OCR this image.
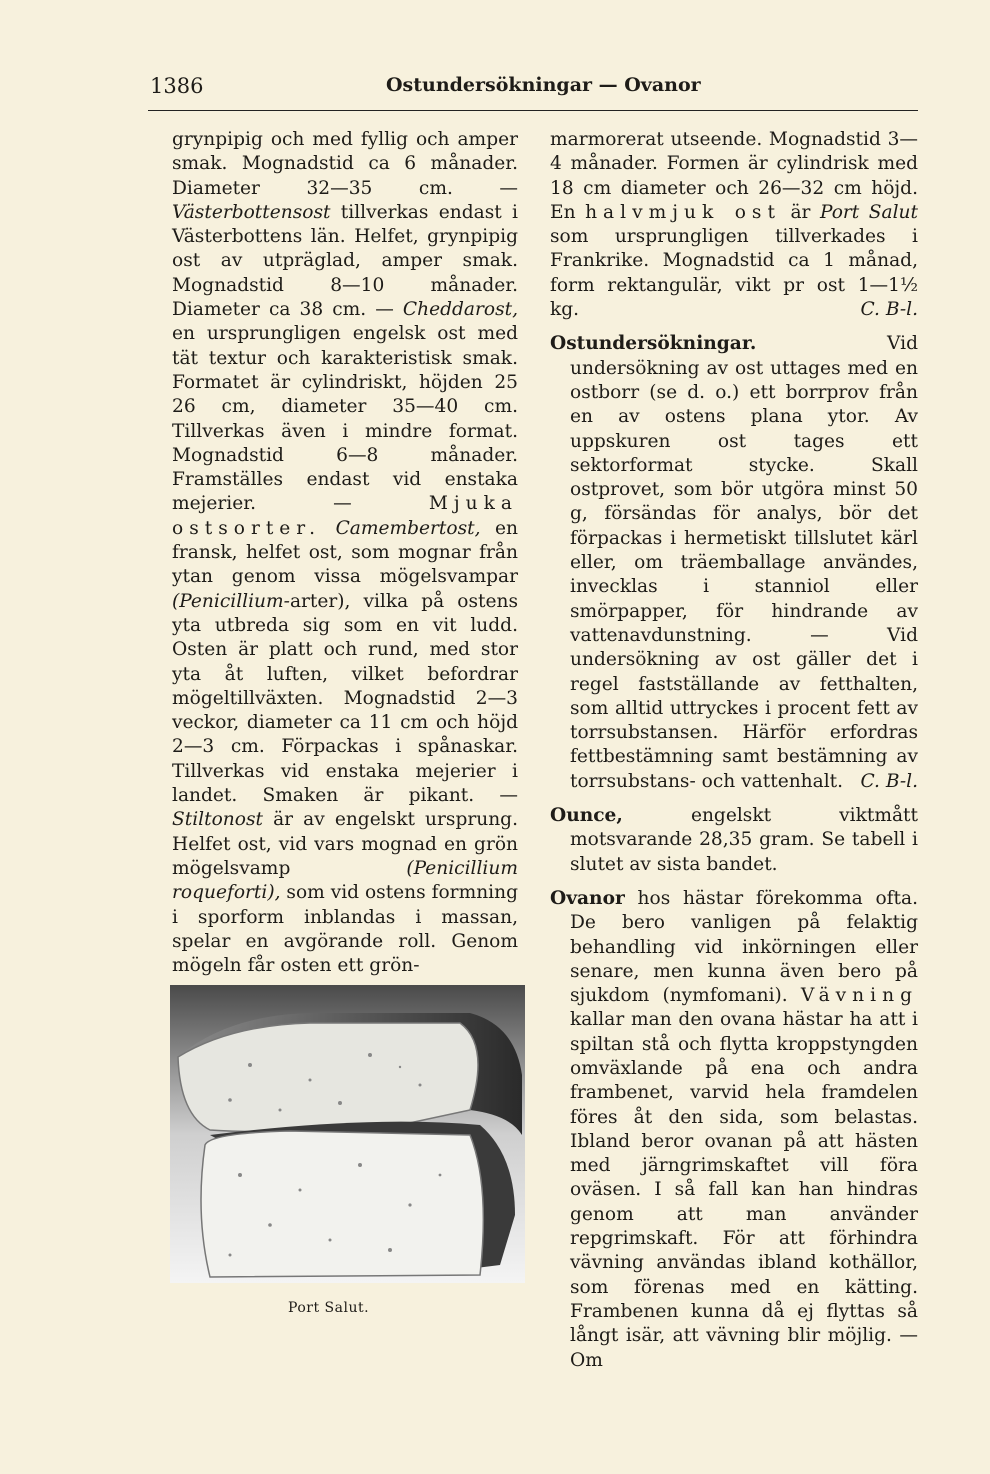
1386	Ostundersökningar — Ovanor

grynpipig och med fyllig och amper smak. Mognadstid ca 6 månader. Diameter 32—35 cm. — Västerbottensost tillverkas endast i Västerbottens län. Helfet, grynpipig ost av utpräglad, amper smak. Mognadstid 8—10 månader. Diameter ca 38 cm. — Cheddarost, en ursprungligen engelsk ost med tät textur och karakteristisk smak. Formatet är cylindriskt, höjden 25 26 cm, diameter 35—40 cm. Tillverkas även i mindre format. Mognadstid 6—8 månader. Framställes endast vid enstaka mejerier. — Mjuka ostsorter. Camembertost, en fransk, helfet ost, som mognar från ytan genom vissa mögelsvampar (Penicillium-arter), vilka på ostens yta utbreda sig som en vit ludd. Osten är platt och rund, med stor yta åt luften, vilket befordrar mögeltillväxten. Mognadstid 2—3 veckor, diameter ca 11 cm och höjd 2—3 cm. Förpackas i spånaskar. Tillverkas vid enstaka mejerier i landet. Smaken är pikant. — Stiltonost är av engelskt ursprung. Helfet ost, vid vars mognad en grön mögelsvamp (Penicillium roqueforti), som vid ostens formning i sporform inblandas i massan, spelar en avgörande roll. Genom mögeln får osten ett grön-

Port Salut.

marmorerat utseende. Mognadstid 3—4 månader. Formen är cylindrisk med 18 cm diameter och 26—32 cm höjd. En halvmjuk ost är Port Salut som ursprungligen tillverkades i Frankrike. Mognadstid ca 1 månad, form rektangulär, vikt pr ost 1—1½ kg.	C. B-l.

Ostundersökningar. Vid undersökning av ost uttages med en ostborr (se d. o.) ett borrprov från en av ostens plana ytor. Av uppskuren ost tages ett sektorformat stycke. Skall ostprovet, som bör utgöra minst 50 g, försändas för analys, bör det förpackas i hermetiskt tillslutet kärl eller, om träemballage användes, invecklas i stanniol eller smörpapper, för hindrande av vattenavdunstning. — Vid undersökning av ost gäller det i regel fastställande av fetthalten, som alltid uttryckes i procent fett av torrsubstansen. Härför erfordras fettbestämning samt bestämning av torrsubstans- och vattenhalt. C. B-l.

Ounce, engelskt viktmått motsvarande 28,35 gram. Se tabell i slutet av sista bandet.

Ovanor hos hästar förekomma ofta. De bero vanligen på felaktig behandling vid inkörningen eller senare, men kunna även bero på sjukdom (nymfomani). Vävning kallar man den ovana hästar ha att i spiltan stå och flytta kroppstyngden omväxlande på ena och andra frambenet, varvid hela framdelen föres åt den sida, som belastas. Ibland beror ovanan på att hästen med järngrimskaftet vill föra oväsen. I så fall kan han hindras genom att man använder repgrimskaft. För att förhindra vävning användas ibland kothällor, som förenas med en kätting. Frambenen kunna då ej flyttas så långt isär, att vävning blir möjlig. — Om
